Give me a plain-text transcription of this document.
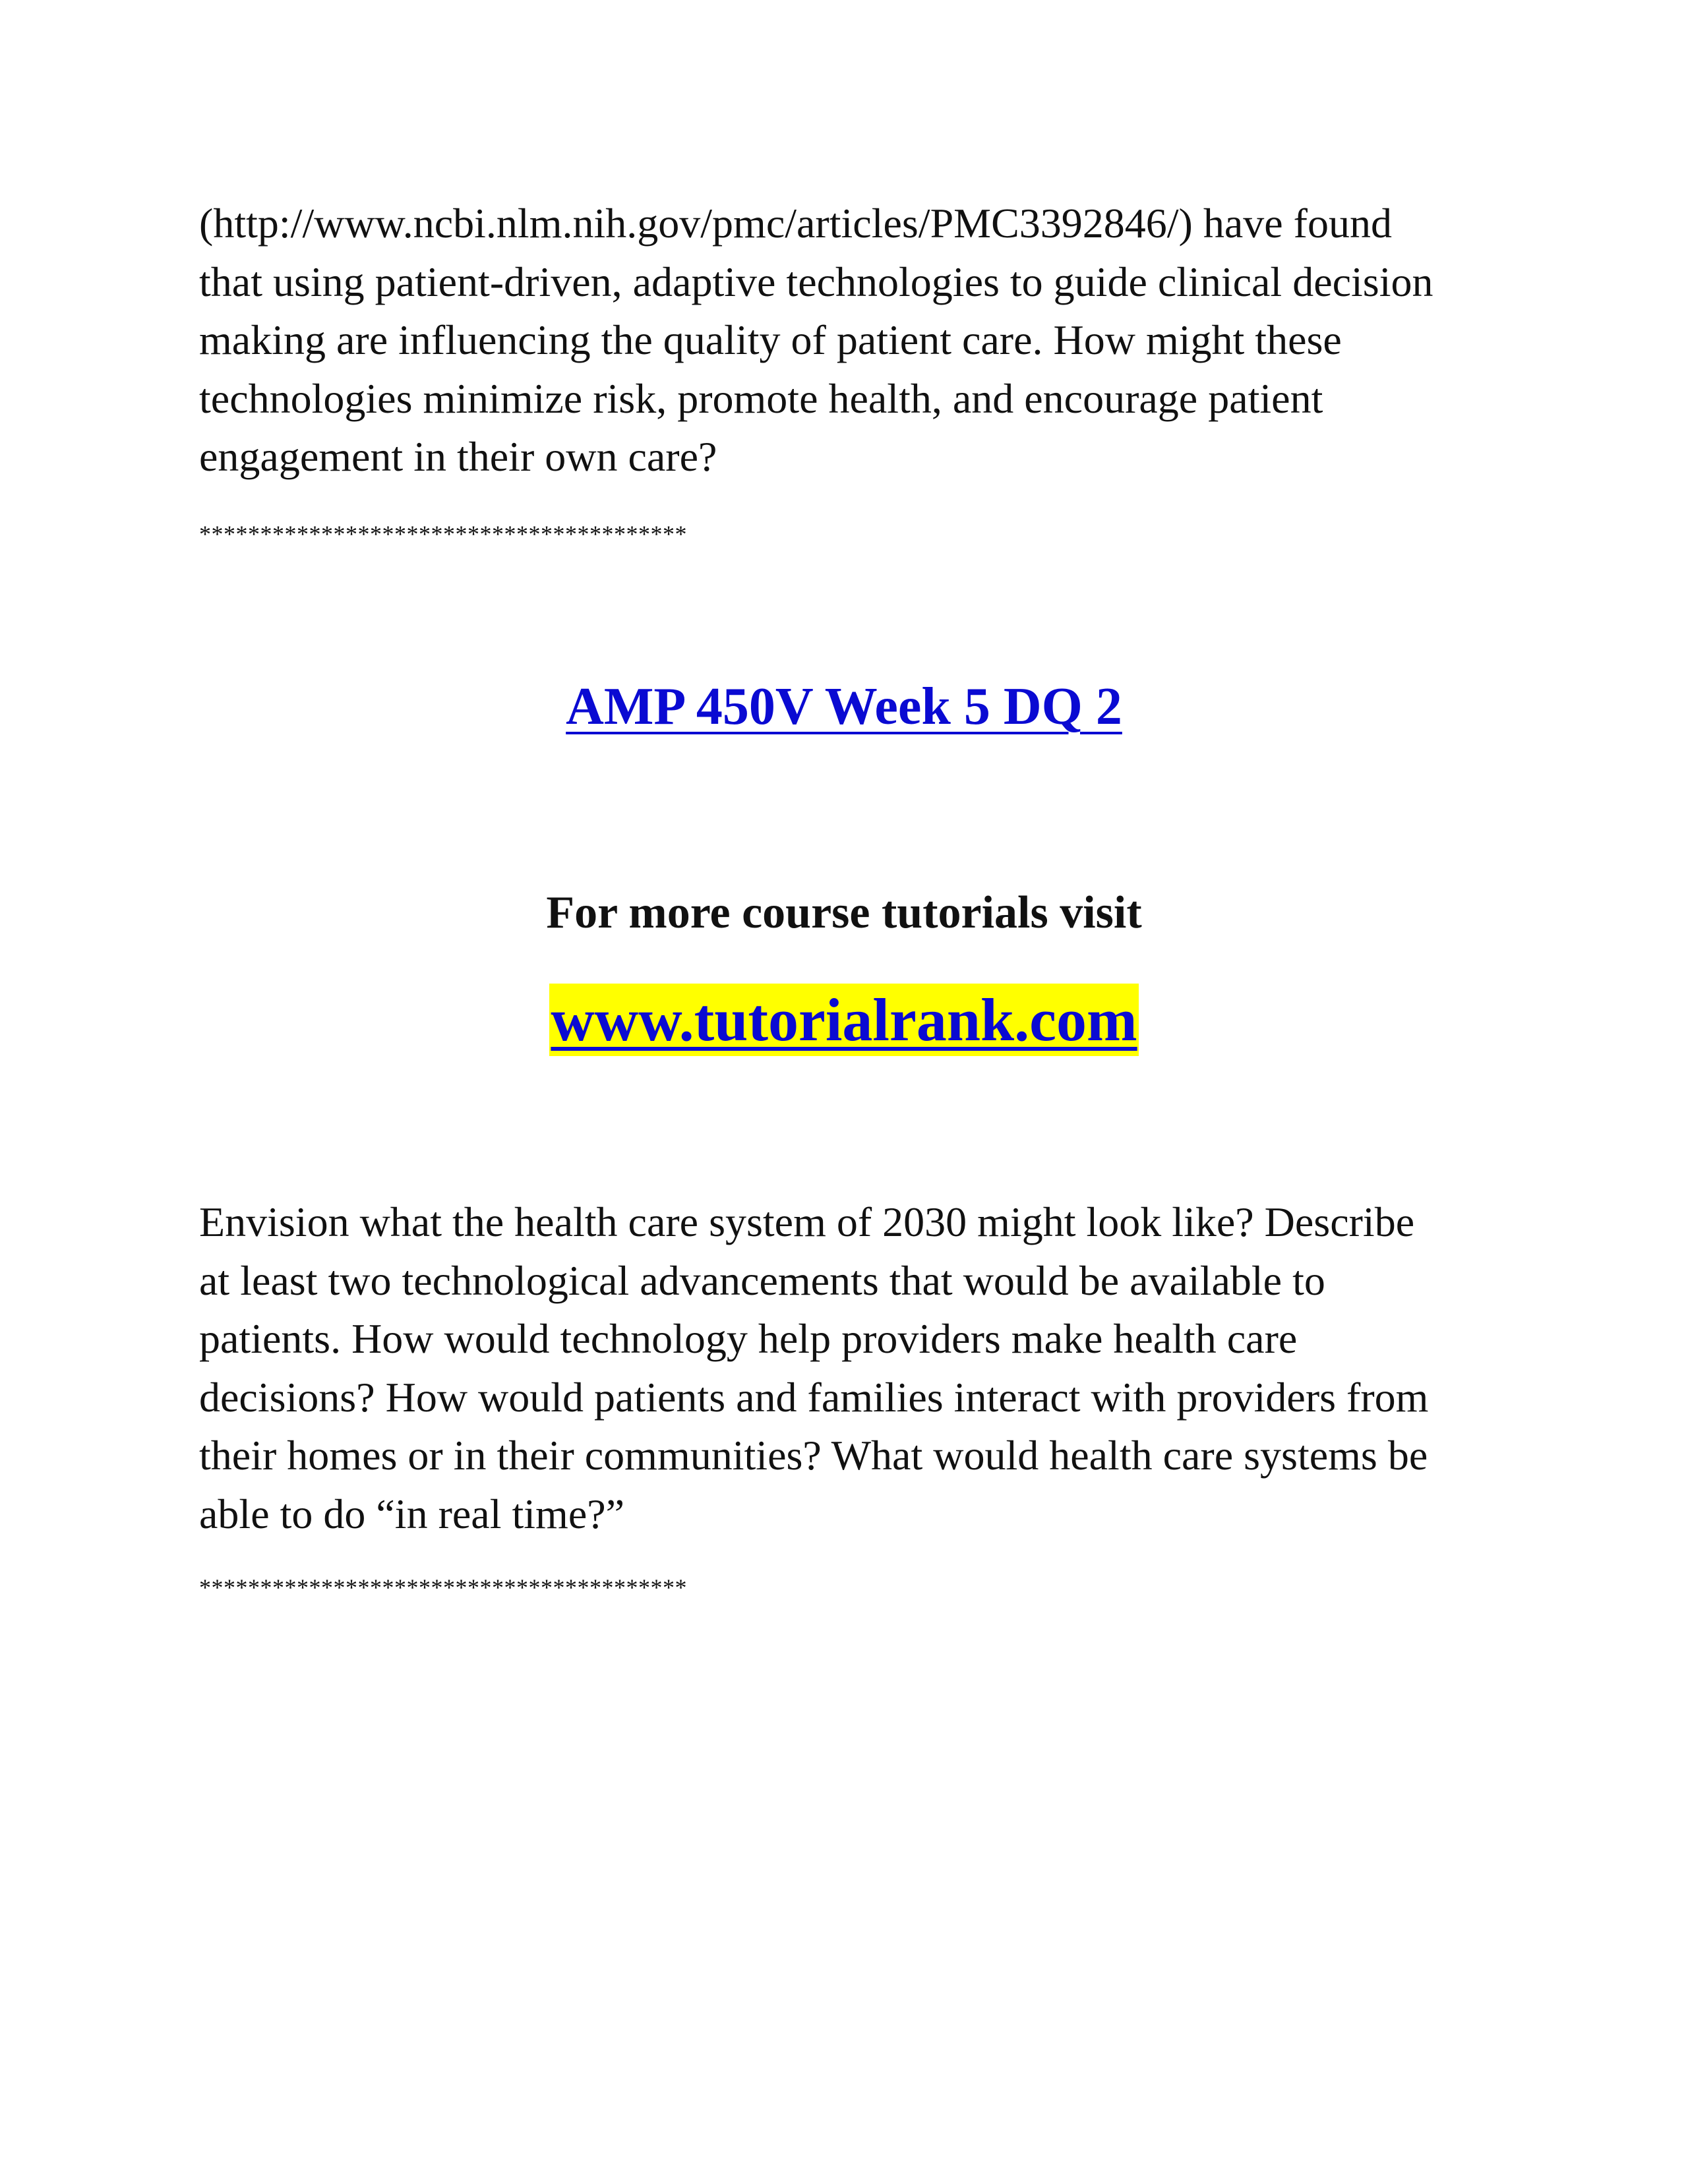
(http://www.ncbi.nlm.nih.gov/pmc/articles/PMC3392846/) have found
that using patient-driven, adaptive technologies to guide clinical decision
making are influencing the quality of patient care. How might these
technologies minimize risk, promote health, and encourage patient
engagement in their own care?

****************************************

AMP 450V Week 5 DQ 2

For more course tutorials visit

www.tutorialrank.com

Envision what the health care system of 2030 might look like? Describe
at least two technological advancements that would be available to
patients. How would technology help providers make health care
decisions? How would patients and families interact with providers from
their homes or in their communities? What would health care systems be
able to do “in real time?”

****************************************
